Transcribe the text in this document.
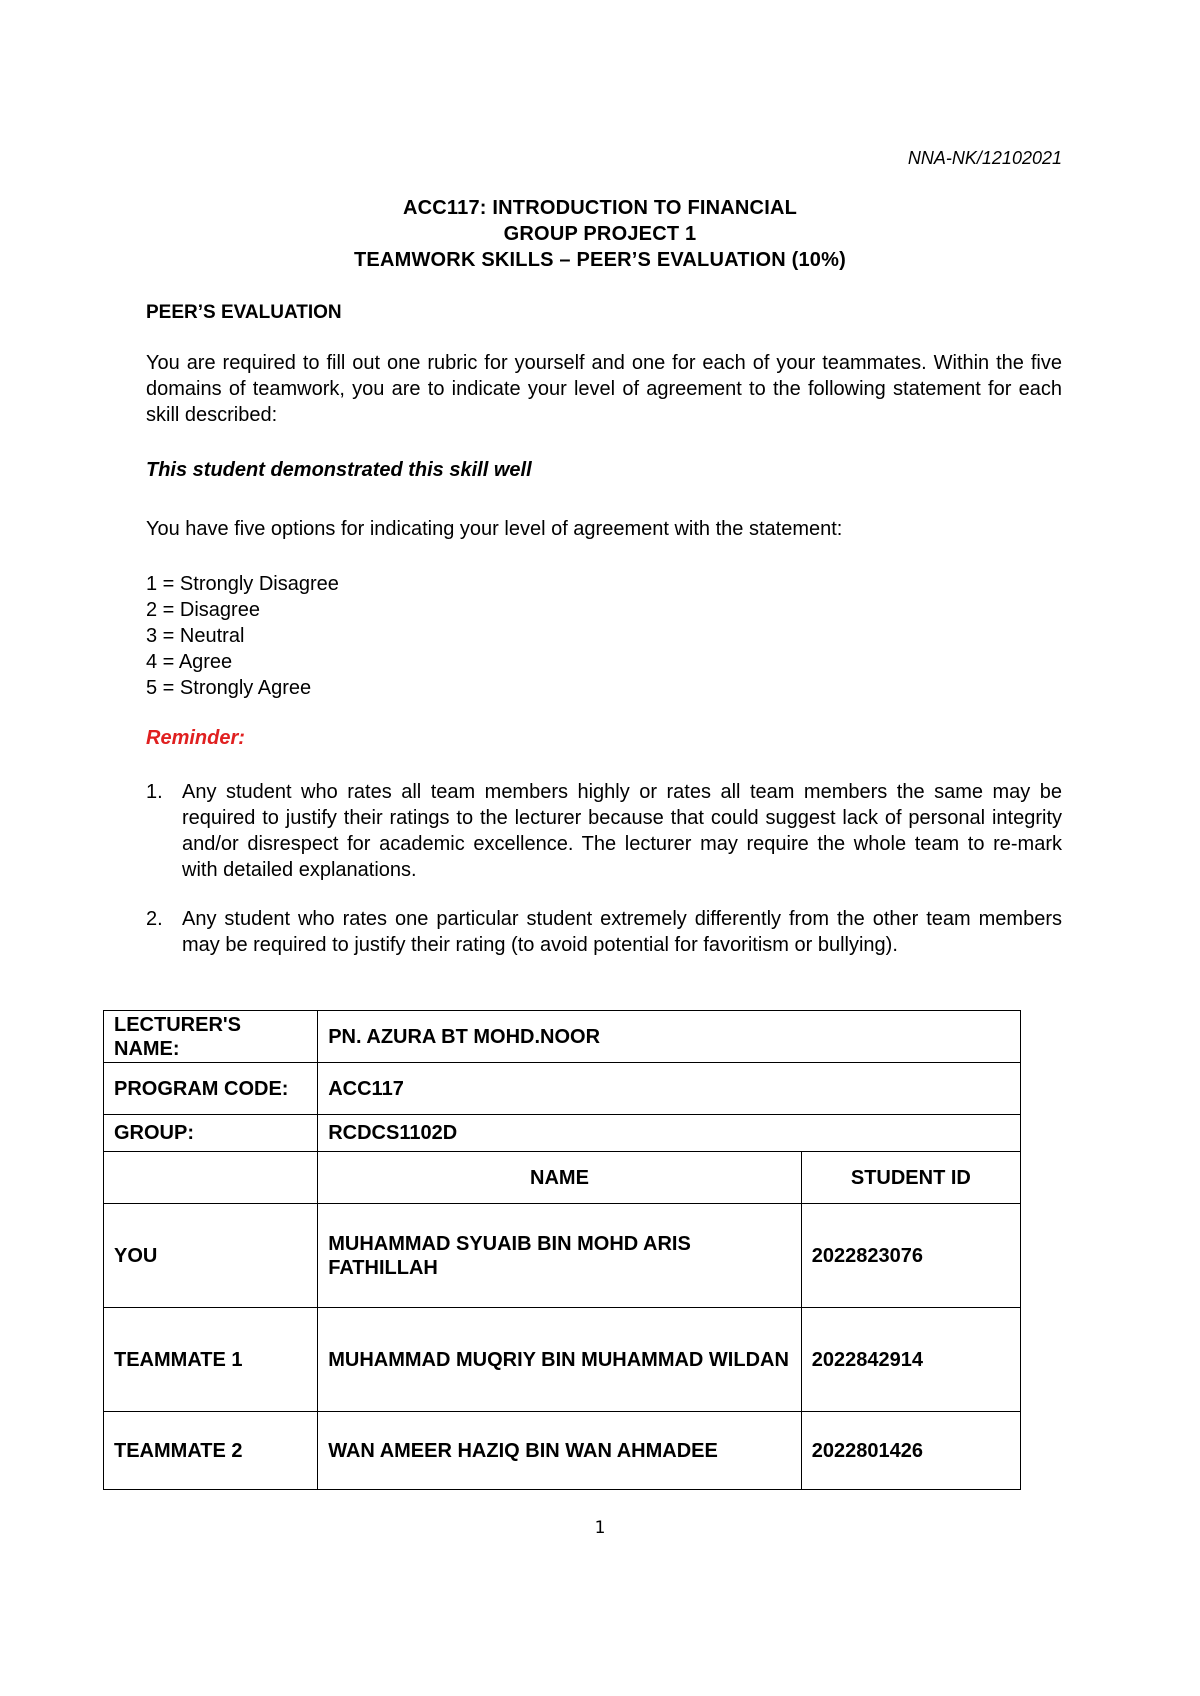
NNA-NK/12102021
ACC117: INTRODUCTION TO FINANCIAL
GROUP PROJECT 1
TEAMWORK SKILLS – PEER’S EVALUATION (10%)
PEER’S EVALUATION
You are required to fill out one rubric for yourself and one for each of your teammates. Within the five domains of teamwork, you are to indicate your level of agreement to the following statement for each skill described:
This student demonstrated this skill well
You have five options for indicating your level of agreement with the statement:
1 = Strongly Disagree
2 = Disagree
3 = Neutral
4 = Agree
5 = Strongly Agree
Reminder:
1. Any student who rates all team members highly or rates all team members the same may be required to justify their ratings to the lecturer because that could suggest lack of personal integrity and/or disrespect for academic excellence. The lecturer may require the whole team to re-mark with detailed explanations.
2. Any student who rates one particular student extremely differently from the other team members may be required to justify their rating (to avoid potential for favoritism or bullying).
LECTURER'S NAME:	PN. AZURA BT MOHD.NOOR	
PROGRAM CODE:	ACC117	
GROUP:	RCDCS1102D	
	NAME	STUDENT ID
YOU	MUHAMMAD SYUAIB BIN MOHD ARIS FATHILLAH	2022823076
TEAMMATE 1	MUHAMMAD MUQRIY BIN MUHAMMAD WILDAN	2022842914
TEAMMATE 2	WAN AMEER HAZIQ BIN WAN AHMADEE	2022801426
1
